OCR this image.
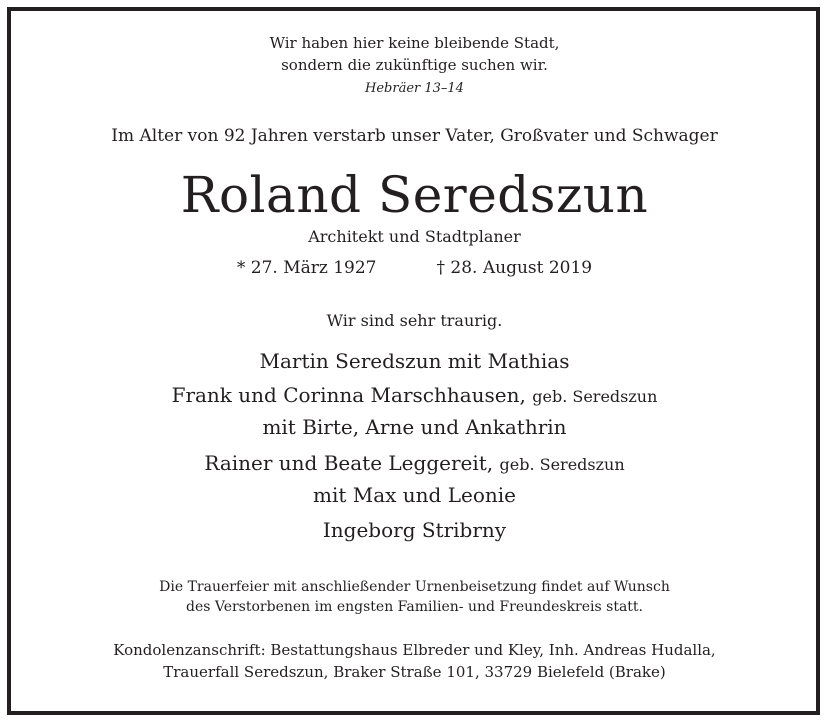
Wir haben hier keine bleibende Stadt,
sondern die zukünftige suchen wir.
Hebräer 13–14
Im Alter von 92 Jahren verstarb unser Vater, Großvater und Schwager
Roland Seredszun
Architekt und Stadtplaner
* 27. März 1927	† 28. August 2019
Wir sind sehr traurig.
Martin Seredszun mit Mathias
Frank und Corinna Marschhausen, geb. Seredszun
mit Birte, Arne und Ankathrin
Rainer und Beate Leggereit, geb. Seredszun
mit Max und Leonie
Ingeborg Stribrny
Die Trauerfeier mit anschließender Urnenbeisetzung findet auf Wunsch
des Verstorbenen im engsten Familien- und Freundeskreis statt.
Kondolenzanschrift: Bestattungshaus Elbreder und Kley, Inh. Andreas Hudalla,
Trauerfall Seredszun, Braker Straße 101, 33729 Bielefeld (Brake)
